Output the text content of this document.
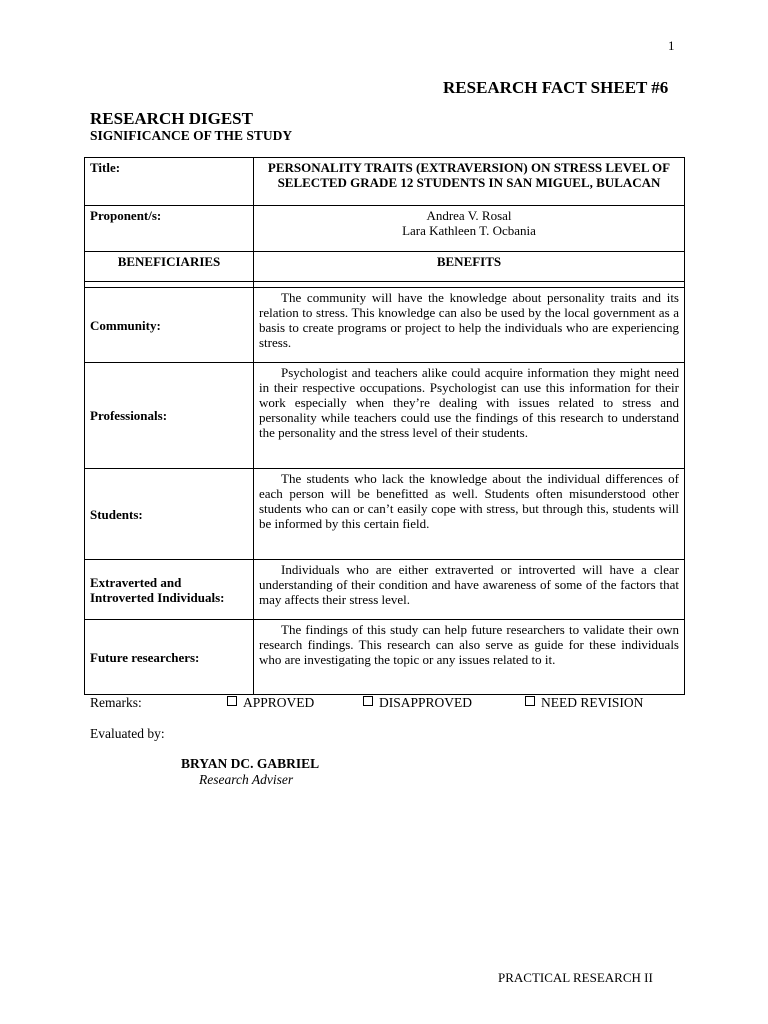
1
RESEARCH FACT SHEET #6
RESEARCH DIGEST
SIGNIFICANCE OF THE STUDY
Title:	PERSONALITY TRAITS (EXTRAVERSION) ON STRESS LEVEL OF SELECTED GRADE 12 STUDENTS IN SAN MIGUEL, BULACAN
Proponent/s:	Andrea V. Rosal
Lara Kathleen T. Ocbania

BENEFICIARIES	BENEFITS

Community:	The community will have the knowledge about personality traits and its relation to stress. This knowledge can also be used by the local government as a basis to create programs or project to help the individuals who are experiencing stress.
Professionals:	Psychologist and teachers alike could acquire information they might need in their respective occupations. Psychologist can use this information for their work especially when they’re dealing with issues related to stress and personality while teachers could use the findings of this research to understand the personality and the stress level of their students.
Students:	The students who lack the knowledge about the individual differences of each person will be benefitted as well. Students often misunderstood other students who can or can’t easily cope with stress, but through this, students will be informed by this certain field.
Extraverted and Introverted Individuals:	Individuals who are either extraverted or introverted will have a clear understanding of their condition and have awareness of some of the factors that may affects their stress level.
Future researchers:	The findings of this study can help future researchers to validate their own research findings. This research can also serve as guide for these individuals who are investigating the topic or any issues related to it.
Remarks:	APPROVED	DISAPPROVED	NEED REVISION
Evaluated by:
BRYAN DC. GABRIEL
Research Adviser
PRACTICAL RESEARCH II
